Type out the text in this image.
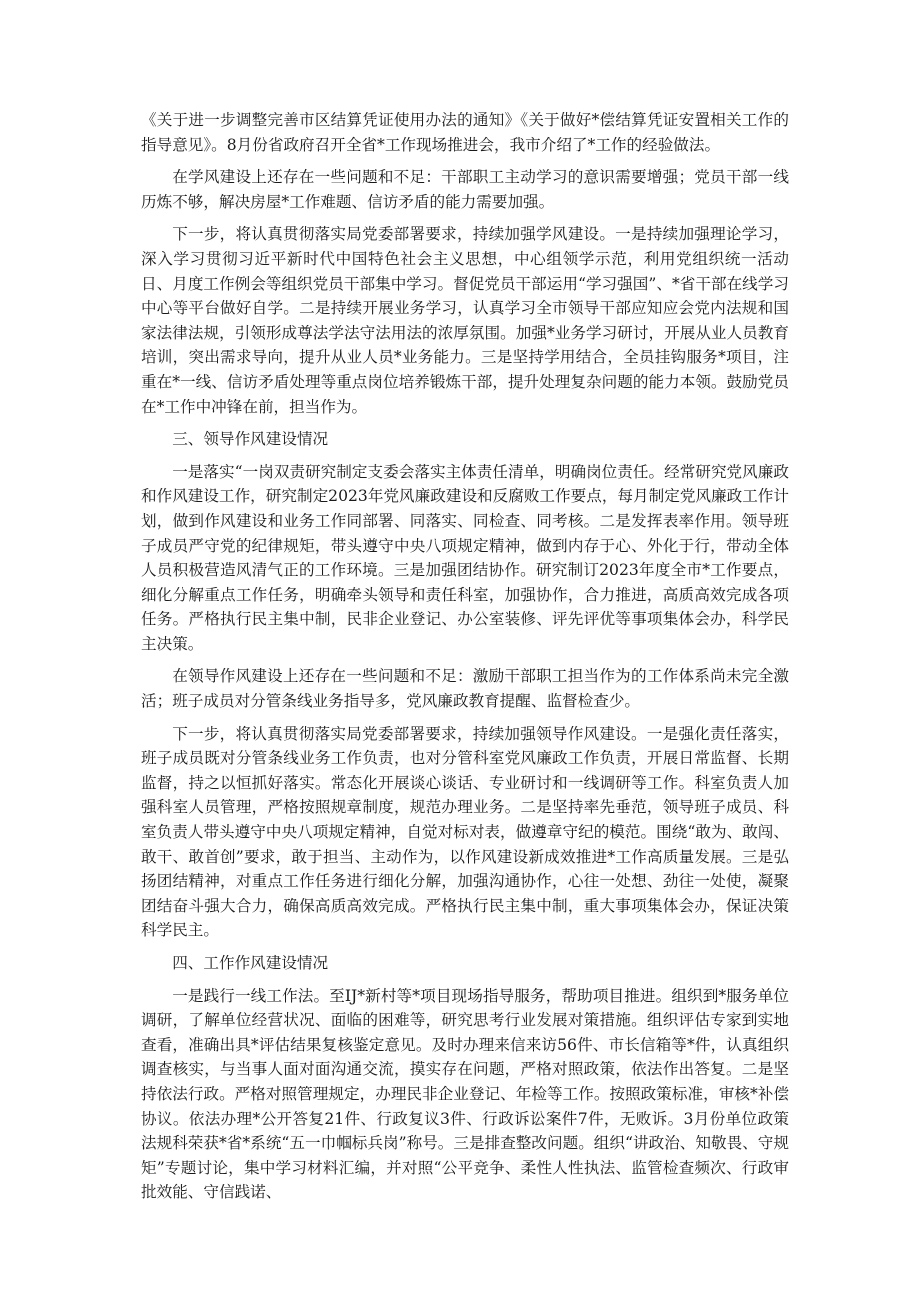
《关于进一步调整完善市区结算凭证使用办法的通知》《关于做好*偿结算凭证安置相关工作的指导意见》。8月份省政府召开全省*工作现场推进会，我市介绍了*工作的经验做法。

在学风建设上还存在一些问题和不足：干部职工主动学习的意识需要增强；党员干部一线历炼不够，解决房屋*工作难题、信访矛盾的能力需要加强。

下一步，将认真贯彻落实局党委部署要求，持续加强学风建设。一是持续加强理论学习，深入学习贯彻习近平新时代中国特色社会主义思想，中心组领学示范，利用党组织统一活动日、月度工作例会等组织党员干部集中学习。督促党员干部运用“学习强国”、*省干部在线学习中心等平台做好自学。二是持续开展业务学习，认真学习全市领导干部应知应会党内法规和国家法律法规，引领形成尊法学法守法用法的浓厚氛围。加强*业务学习研讨，开展从业人员教育培训，突出需求导向，提升从业人员*业务能力。三是坚持学用结合，全员挂钩服务*项目，注重在*一线、信访矛盾处理等重点岗位培养锻炼干部，提升处理复杂问题的能力本领。鼓励党员在*工作中冲锋在前，担当作为。

三、领导作风建设情况

一是落实“一岗双责研究制定支委会落实主体责任清单，明确岗位责任。经常研究党风廉政和作风建设工作，研究制定2023年党风廉政建设和反腐败工作要点，每月制定党风廉政工作计划，做到作风建设和业务工作同部署、同落实、同检查、同考核。二是发挥表率作用。领导班子成员严守党的纪律规矩，带头遵守中央八项规定精神，做到内存于心、外化于行，带动全体人员积极营造风清气正的工作环境。三是加强团结协作。研究制订2023年度全市*工作要点，细化分解重点工作任务，明确牵头领导和责任科室，加强协作，合力推进，高质高效完成各项任务。严格执行民主集中制，民非企业登记、办公室装修、评先评优等事项集体会办，科学民主决策。

在领导作风建设上还存在一些问题和不足：激励干部职工担当作为的工作体系尚未完全激活；班子成员对分管条线业务指导多，党风廉政教育提醒、监督检查少。

下一步，将认真贯彻落实局党委部署要求，持续加强领导作风建设。一是强化责任落实，班子成员既对分管条线业务工作负责，也对分管科室党风廉政工作负责，开展日常监督、长期监督，持之以恒抓好落实。常态化开展谈心谈话、专业研讨和一线调研等工作。科室负责人加强科室人员管理，严格按照规章制度，规范办理业务。二是坚持率先垂范，领导班子成员、科室负责人带头遵守中央八项规定精神，自觉对标对表，做遵章守纪的模范。围绕“敢为、敢闯、敢干、敢首创”要求，敢于担当、主动作为，以作风建设新成效推进*工作高质量发展。三是弘扬团结精神，对重点工作任务进行细化分解，加强沟通协作，心往一处想、劲往一处使，凝聚团结奋斗强大合力，确保高质高效完成。严格执行民主集中制，重大事项集体会办，保证决策科学民主。

四、工作作风建设情况

一是践行一线工作法。至IJ*新村等*项目现场指导服务，帮助项目推进。组织到*服务单位调研，了解单位经营状况、面临的困难等，研究思考行业发展对策措施。组织评估专家到实地查看，准确出具*评估结果复核鉴定意见。及时办理来信来访56件、市长信箱等*件，认真组织调查核实，与当事人面对面沟通交流，摸实存在问题，严格对照政策，依法作出答复。二是坚持依法行政。严格对照管理规定，办理民非企业登记、年检等工作。按照政策标准，审核*补偿协议。依法办理*公开答复21件、行政复议3件、行政诉讼案件7件，无败诉。3月份单位政策法规科荣获*省*系统“五一巾帼标兵岗”称号。三是排查整改问题。组织“讲政治、知敬畏、守规矩”专题讨论，集中学习材料汇编，并对照“公平竞争、柔性人性执法、监管检查频次、行政审批效能、守信践诺、
